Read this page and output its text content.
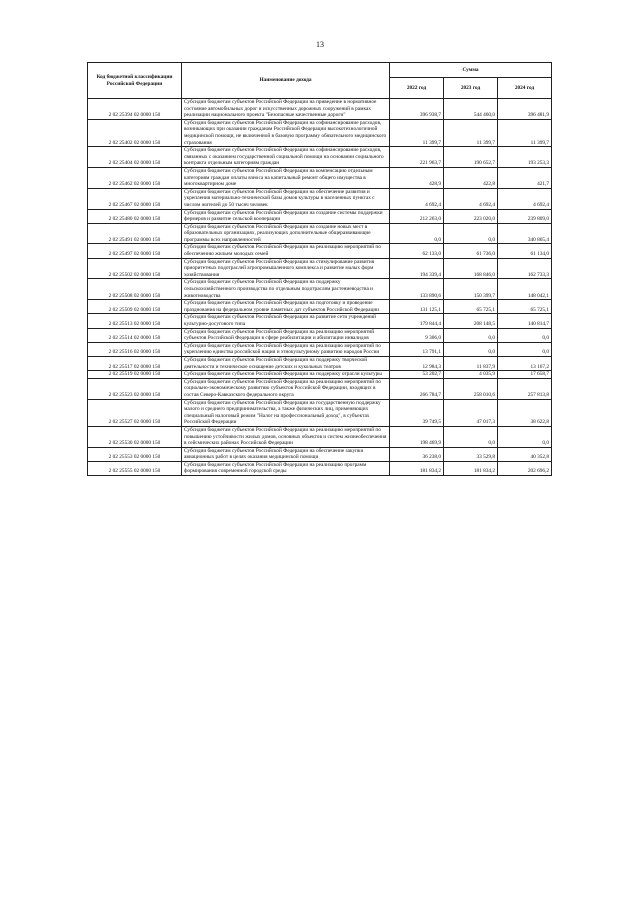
13
Код бюджетной классификации Российской Федерации	Наименование дохода	Сумма		
		2022 год	2023 год	2024 год
2 02 25394 02 0000 150	Субсидии бюджетам субъектов Российской Федерации на приведение в нормативное состояние автомобильных дорог и искусственных дорожных сооружений в рамках реализации национального проекта "Безопасные качественные дороги"	396 938,7	544 460,0	396 481,9
2 02 25402 02 0000 150	Субсидии бюджетам субъектов Российской Федерации на софинансирование расходов, возникающих при оказании гражданам Российской Федерации высокотехнологичной медицинской помощи, не включенной в базовую программу обязательного медицинского страхования	11 399,7	11 399,7	11 399,7
2 02 25404 02 0000 150	Субсидии бюджетам субъектов Российской Федерации на софинансирование расходов, связанных с оказанием государственной социальной помощи на основании социального контракта отдельным категориям граждан	221 963,7	190 652,7	193 253,3
2 02 25462 02 0000 150	Субсидии бюджетам субъектов Российской Федерации на компенсацию отдельным категориям граждан оплаты взноса на капитальный ремонт общего имущества в многоквартирном доме	428,9	422,8	421,7
2 02 25467 02 0000 150	Субсидии бюджетам субъектов Российской Федерации на обеспечение развития и укрепления материально-технической базы домов культуры в населенных пунктах с числом жителей до 50 тысяч человек	4 692,4	4 692,4	4 692,4
2 02 25480 02 0000 150	Субсидии бюджетам субъектов Российской Федерации на создание системы поддержки фермеров и развитие сельской кооперации	212 263,0	223 020,0	239 809,0
2 02 25491 02 0000 150	Субсидии бюджетам субъектов Российской Федерации на создание новых мест в образовательных организациях, реализующих дополнительные общеразвивающие программы всех направленностей	0,0	0,0	340 865,4
2 02 25497 02 0000 150	Субсидии бюджетам субъектов Российской Федерации на реализацию мероприятий по обеспечению жильем молодых семей	62 133,0	61 736,0	61 134,0
2 02 25502 02 0000 150	Субсидии бюджетам субъектов Российской Федерации на стимулирование развития приоритетных подотраслей агропромышленного комплекса и развитие малых форм хозяйствования	194 339,4	168 846,0	162 733,3
2 02 25508 02 0000 150	Субсидии бюджетам субъектов Российской Федерации на поддержку сельскохозяйственного производства по отдельным подотраслям растениеводства и животноводства	133 890,6	150 399,7	148 042,1
2 02 25509 02 0000 150	Субсидии бюджетам субъектов Российской Федерации на подготовку и проведение празднования на федеральном уровне памятных дат субъектов Российской Федерации	131 125,1	65 725,1	65 725,1
2 02 25513 02 0000 150	Субсидии бюджетам субъектов Российской Федерации на развитие сети учреждений культурно-досугового типа	179 844,4	208 148,5	140 814,7
2 02 25514 02 0000 150	Субсидии бюджетам субъектов Российской Федерации на реализацию мероприятий субъектов Российской Федерации в сфере реабилитации и абилитации инвалидов	9 306,0	0,0	0,0
2 02 25516 02 0000 150	Субсидии бюджетам субъектов Российской Федерации на реализацию мероприятий по укреплению единства российской нации и этнокультурному развитию народов России	13 791,1	0,0	0,0
2 02 25517 02 0000 150	Субсидии бюджетам субъектов Российской Федерации на поддержку творческой деятельности и техническое оснащение детских и кукольных театров	12 984,3	11 837,9	13 167,2
2 02 25519 02 0000 150	Субсидии бюджетам субъектов Российской Федерации на поддержку отрасли культуры	53 202,7	4 035,9	17 658,7
2 02 25523 02 0000 150	Субсидии бюджетам субъектов Российской Федерации на реализацию мероприятий по социально-экономическому развитию субъектов Российской Федерации, входящих в состав Северо-Кавказского федерального округа	266 784,7	258 010,6	257 813,8
2 02 25527 02 0000 150	Субсидии бюджетам субъектов Российской Федерации на государственную поддержку малого и среднего предпринимательства, а также физических лиц, применяющих специальный налоговый режим "Налог на профессиональный доход", в субъектах Российской Федерации	39 749,5	47 017,3	38 622,8
2 02 25530 02 0000 150	Субсидии бюджетам субъектов Российской Федерации на реализацию мероприятий по повышению устойчивости жилых домов, основных объектов и систем жизнеобеспечения в сейсмических районах Российской Федерации	198 469,9	0,0	0,0
2 02 25553 02 0000 150	Субсидии бюджетам субъектов Российской Федерации на обеспечение закупки авиационных работ в целях оказания медицинской помощи	36 238,0	33 529,8	40 352,8
2 02 25555 02 0000 150	Субсидии бюджетам субъектов Российской Федерации на реализацию программ формирования современной городской среды	181 834,2	181 834,2	202 696,2
